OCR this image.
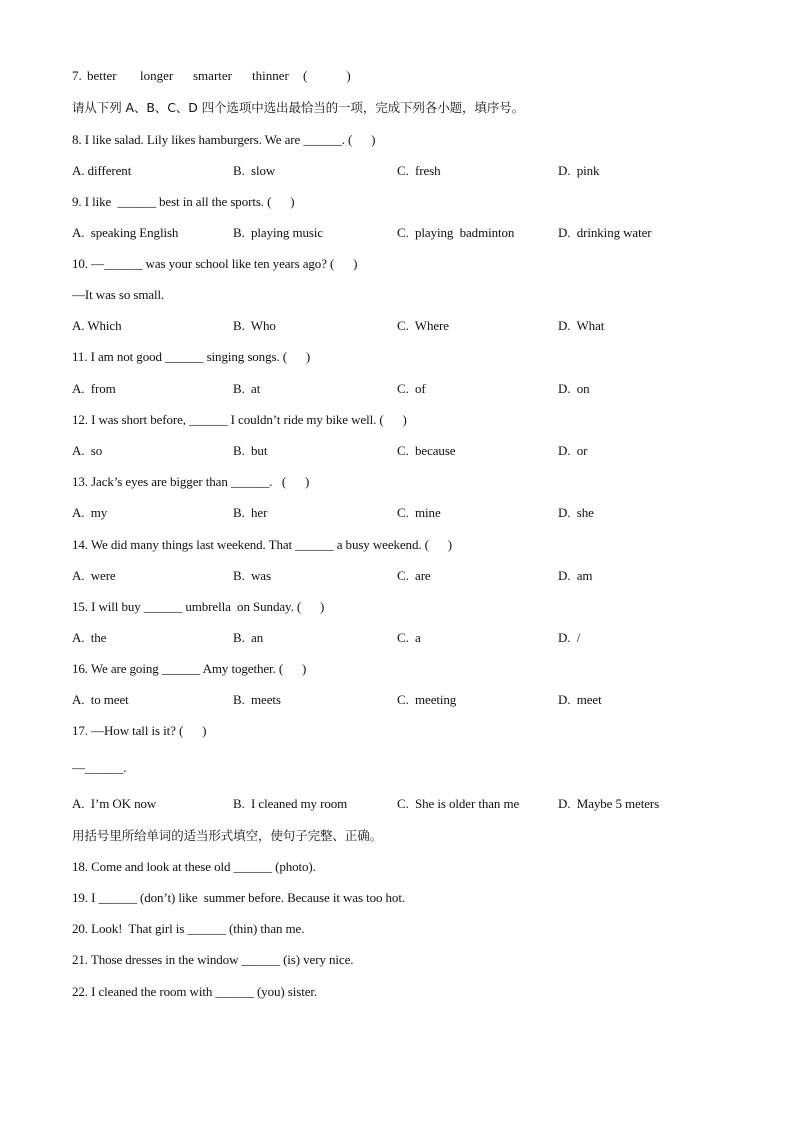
7. better longer smarter thinner (            )
请从下列 A、B、C、D 四个选项中选出最恰当的一项，完成下列各小题，填序号。
8. I like salad. Lily likes hamburgers. We are ______. (      )
A. different	B.  slow	C.  fresh	D.  pink
9. I like  ______ best in all the sports. (      )
A.  speaking English	B.  playing music	C.  playing  badminton	D.  drinking water
10. —______ was your school like ten years ago? (      )
—It was so small.
A. Which	B.  Who	C.  Where	D.  What
11. I am not good ______ singing songs. (      )
A.  from	B.  at	C.  of	D.  on
12. I was short before, ______ I couldn’t ride my bike well. (      )
A.  so	B.  but	C.  because	D.  or
13. Jack’s eyes are bigger than ______.   (      )
A.  my	B.  her	C.  mine	D.  she
14. We did many things last weekend. That ______ a busy weekend. (      )
A.  were	B.  was	C.  are	D.  am
15. I will buy ______ umbrella  on Sunday. (      )
A.  the	B.  an	C.  a	D.  /
16. We are going ______ Amy together. (      )
A.  to meet	B.  meets	C.  meeting	D.  meet
17. —How tall is it? (      )
—______.
A.  I’m OK now	B.  I cleaned my room	C.  She is older than me	D.  Maybe 5 meters
用括号里所给单词的适当形式填空，使句子完整、正确。
18. Come and look at these old ______ (photo).
19. I ______ (don’t) like  summer before. Because it was too hot.
20. Look!  That girl is ______ (thin) than me.
21. Those dresses in the window ______ (is) very nice.
22. I cleaned the room with ______ (you) sister.
